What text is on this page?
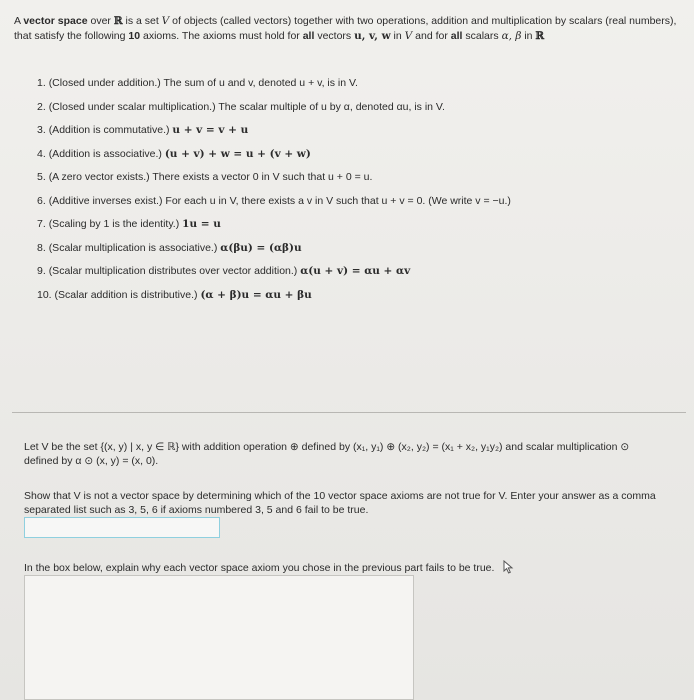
A vector space over ℝ is a set V of objects (called vectors) together with two operations, addition and multiplication by scalars (real numbers), that satisfy the following 10 axioms. The axioms must hold for all vectors u, v, w in V and for all scalars α, β in ℝ
1. (Closed under addition.) The sum of u and v, denoted u + v, is in V.
2. (Closed under scalar multiplication.) The scalar multiple of u by α, denoted αu, is in V.
3. (Addition is commutative.) u + v = v + u
4. (Addition is associative.) (u + v) + w = u + (v + w)
5. (A zero vector exists.) There exists a vector 0 in V such that u + 0 = u.
6. (Additive inverses exist.) For each u in V, there exists a v in V such that u + v = 0. (We write v = −u.)
7. (Scaling by 1 is the identity.) 1u = u
8. (Scalar multiplication is associative.) α(βu) = (αβ)u
9. (Scalar multiplication distributes over vector addition.) α(u + v) = αu + αv
10. (Scalar addition is distributive.) (α + β)u = αu + βu
Let V be the set {(x, y) | x, y ∈ ℝ} with addition operation ⊕ defined by (x₁, y₁) ⊕ (x₂, y₂) = (x₁ + x₂, y₁y₂) and scalar multiplication ⊙ defined by α ⊙ (x, y) = (x, 0).
Show that V is not a vector space by determining which of the 10 vector space axioms are not true for V. Enter your answer as a comma separated list such as 3, 5, 6 if axioms numbered 3, 5 and 6 fail to be true.
In the box below, explain why each vector space axiom you chose in the previous part fails to be true.
